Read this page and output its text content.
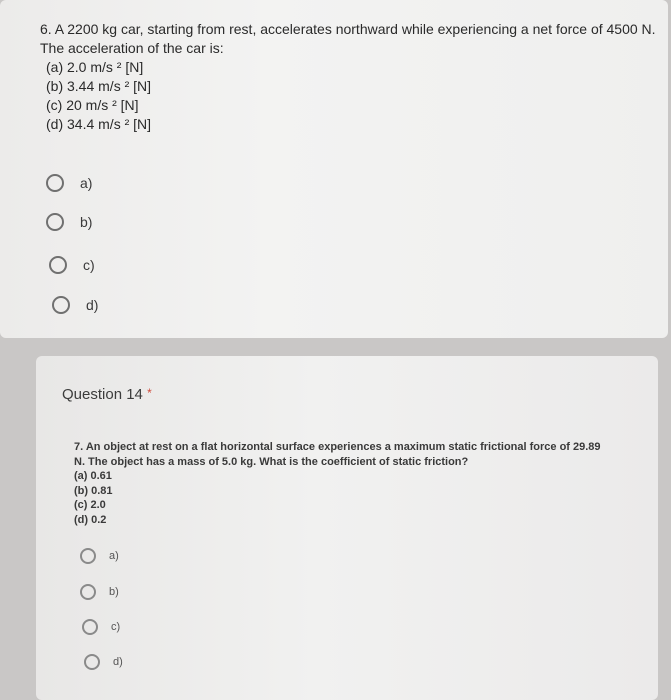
6. A 2200 kg car, starting from rest, accelerates northward while experiencing a net force of 4500 N.
The acceleration of the car is:
(a) 2.0 m/s ² [N]
(b) 3.44 m/s ² [N]
(c) 20 m/s ² [N]
(d) 34.4 m/s ² [N]
a)
b)
c)
d)
Question 14 *
7. An object at rest on a flat horizontal surface experiences a maximum static frictional force of 29.89
N. The object has a mass of 5.0 kg. What is the coefficient of static friction?
(a) 0.61
(b) 0.81
(c) 2.0
(d) 0.2
a)
b)
c)
d)
